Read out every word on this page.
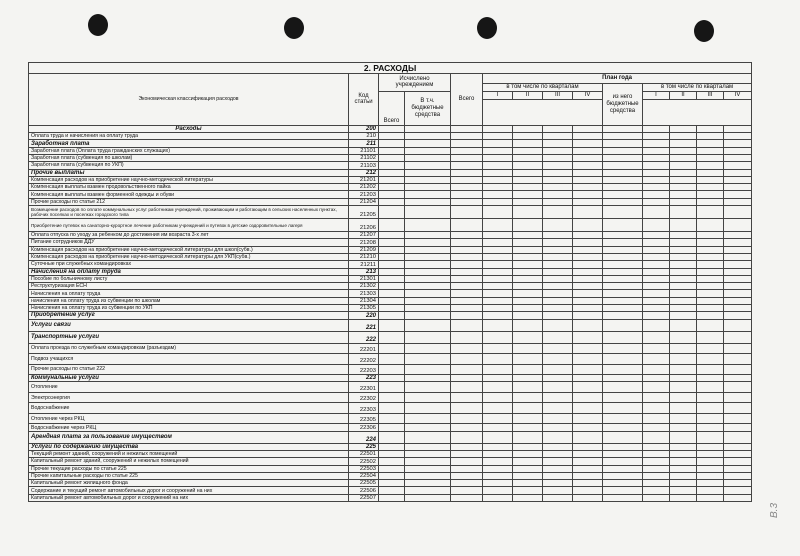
2. РАСХОДЫ													
Экономическая классификация расходов	Код статьи	Исчислено учреждением		Всего	План года								
					в том числе по кварталам				из него бюджетные средства	в том числе по кварталам			
		Всего	В т.ч. бюджетные средства		I	II	III	IV		I	II	III	IV

Расходы	200												
Оплата труда и начисления на оплату труда	210												
Заработная плата	211												
Заработная плата (Оплата труда гражданских служащих)	21101												
Заработная плата (субвенция по школам)	21102												
Заработная плата (субвенция по УКП)	21103												
Прочие выплаты	212												
Компенсация расходов на приобретение научно-методической литературы	21201												
Компенсация выплаты взамен продовольственного пайка	21202												
Компенсация выплаты взамен форменной одежды и обуви	21203												
Прочие расходы по статье 212	21204												
Возмещение расходов по оплате коммунальных услуг работникам учреждений, проживающим и работающим в сельских населенных пунктах, рабочих поселках и поселках городского типа	21205												
Приобретение путевок на санаторно-курортное лечение работникам учреждений и путевок в детские оздоровительные лагеря	21206												
Оплата отпуска по уходу за ребенком до достижения им возраста 3-х лет	21207												
Питание сотрудников ДДУ	21208												
Компенсация расходов на приобретение научно-методической литературы для школ(субв.)	21209												
Компенсация расходов на приобретение научно-методической литературы для УКП(субв.)	21210												
Суточные при служебных командировках	21211												
Начисления на оплату труда	213												
Пособие по больничному листу	21301												
Реструктуризация ЕСН	21302												
Начисления на оплату труда	21303												
начисления на оплату труда из субвенции по школам	21304												
Начисления на оплату труда из субвенции по УКП	21305												
Приобретение услуг	220												
Услуги связи	221												
Транспортные услуги	222												
Оплата проезда по служебным командировкам (разъездам)	22201												
Подвоз учащихся	22202												
Прочие расходы по статье 222	22203												
Коммунальные услуги	223												
Отопление	22301												
Электроэнергия	22302												
Водоснабжение	22303												
Отопление через РКЦ	22305												
Водоснабжение через РКЦ	22306												
Арендная плата за пользование имуществом	224												
Услуги по содержанию имущества	225												
Текущий ремонт зданий, сооружений и нежилых помещений	22501												
Капитальный ремонт зданий, сооружений и нежилых помещений	22502												
Прочие текущие расходы по статье 225	22503												
Прочие капитальные расходы по статье 225	22504												
Капитальный ремонт жилищного фонда	22505												
Содержание и текущий ремонт автомобильных дорог и сооружений на них	22506												
Капитальный ремонт автомобильных дорог и сооружений на них	22507												
B.3
